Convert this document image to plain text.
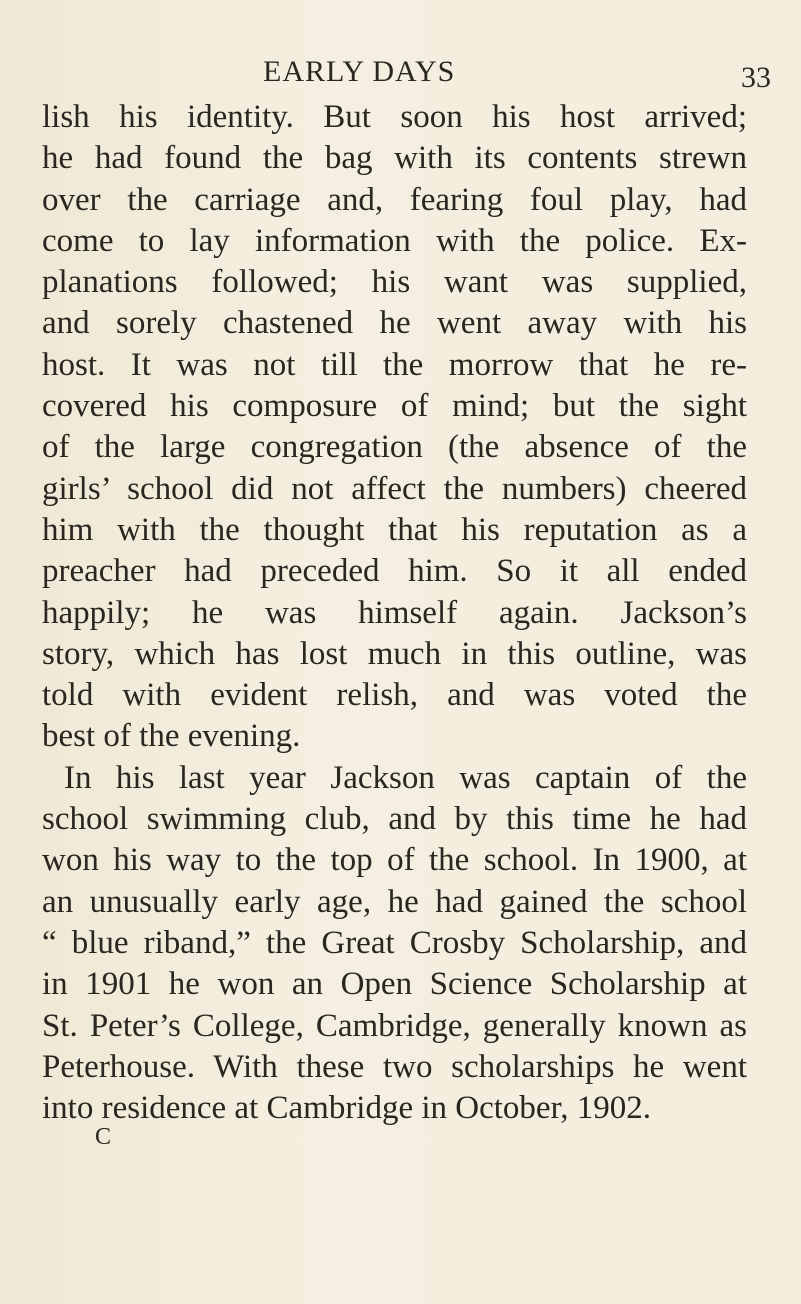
EARLY DAYS	33
lish his identity. But soon his host arrived;
he had found the bag with its contents strewn
over the carriage and, fearing foul play, had
come to lay information with the police. Ex-
planations followed; his want was supplied,
and sorely chastened he went away with his
host. It was not till the morrow that he re-
covered his composure of mind; but the sight
of the large congregation (the absence of the
girls’ school did not affect the numbers) cheered
him with the thought that his reputation as a
preacher had preceded him. So it all ended
happily; he was himself again. Jackson’s
story, which has lost much in this outline, was
told with evident relish, and was voted the
best of the evening.
In his last year Jackson was captain of the
school swimming club, and by this time he had
won his way to the top of the school. In 1900, at
an unusually early age, he had gained the school
“ blue riband,” the Great Crosby Scholarship, and
in 1901 he won an Open Science Scholarship at
St. Peter’s College, Cambridge, generally known as
Peterhouse. With these two scholarships he went
into residence at Cambridge in October, 1902.
C
